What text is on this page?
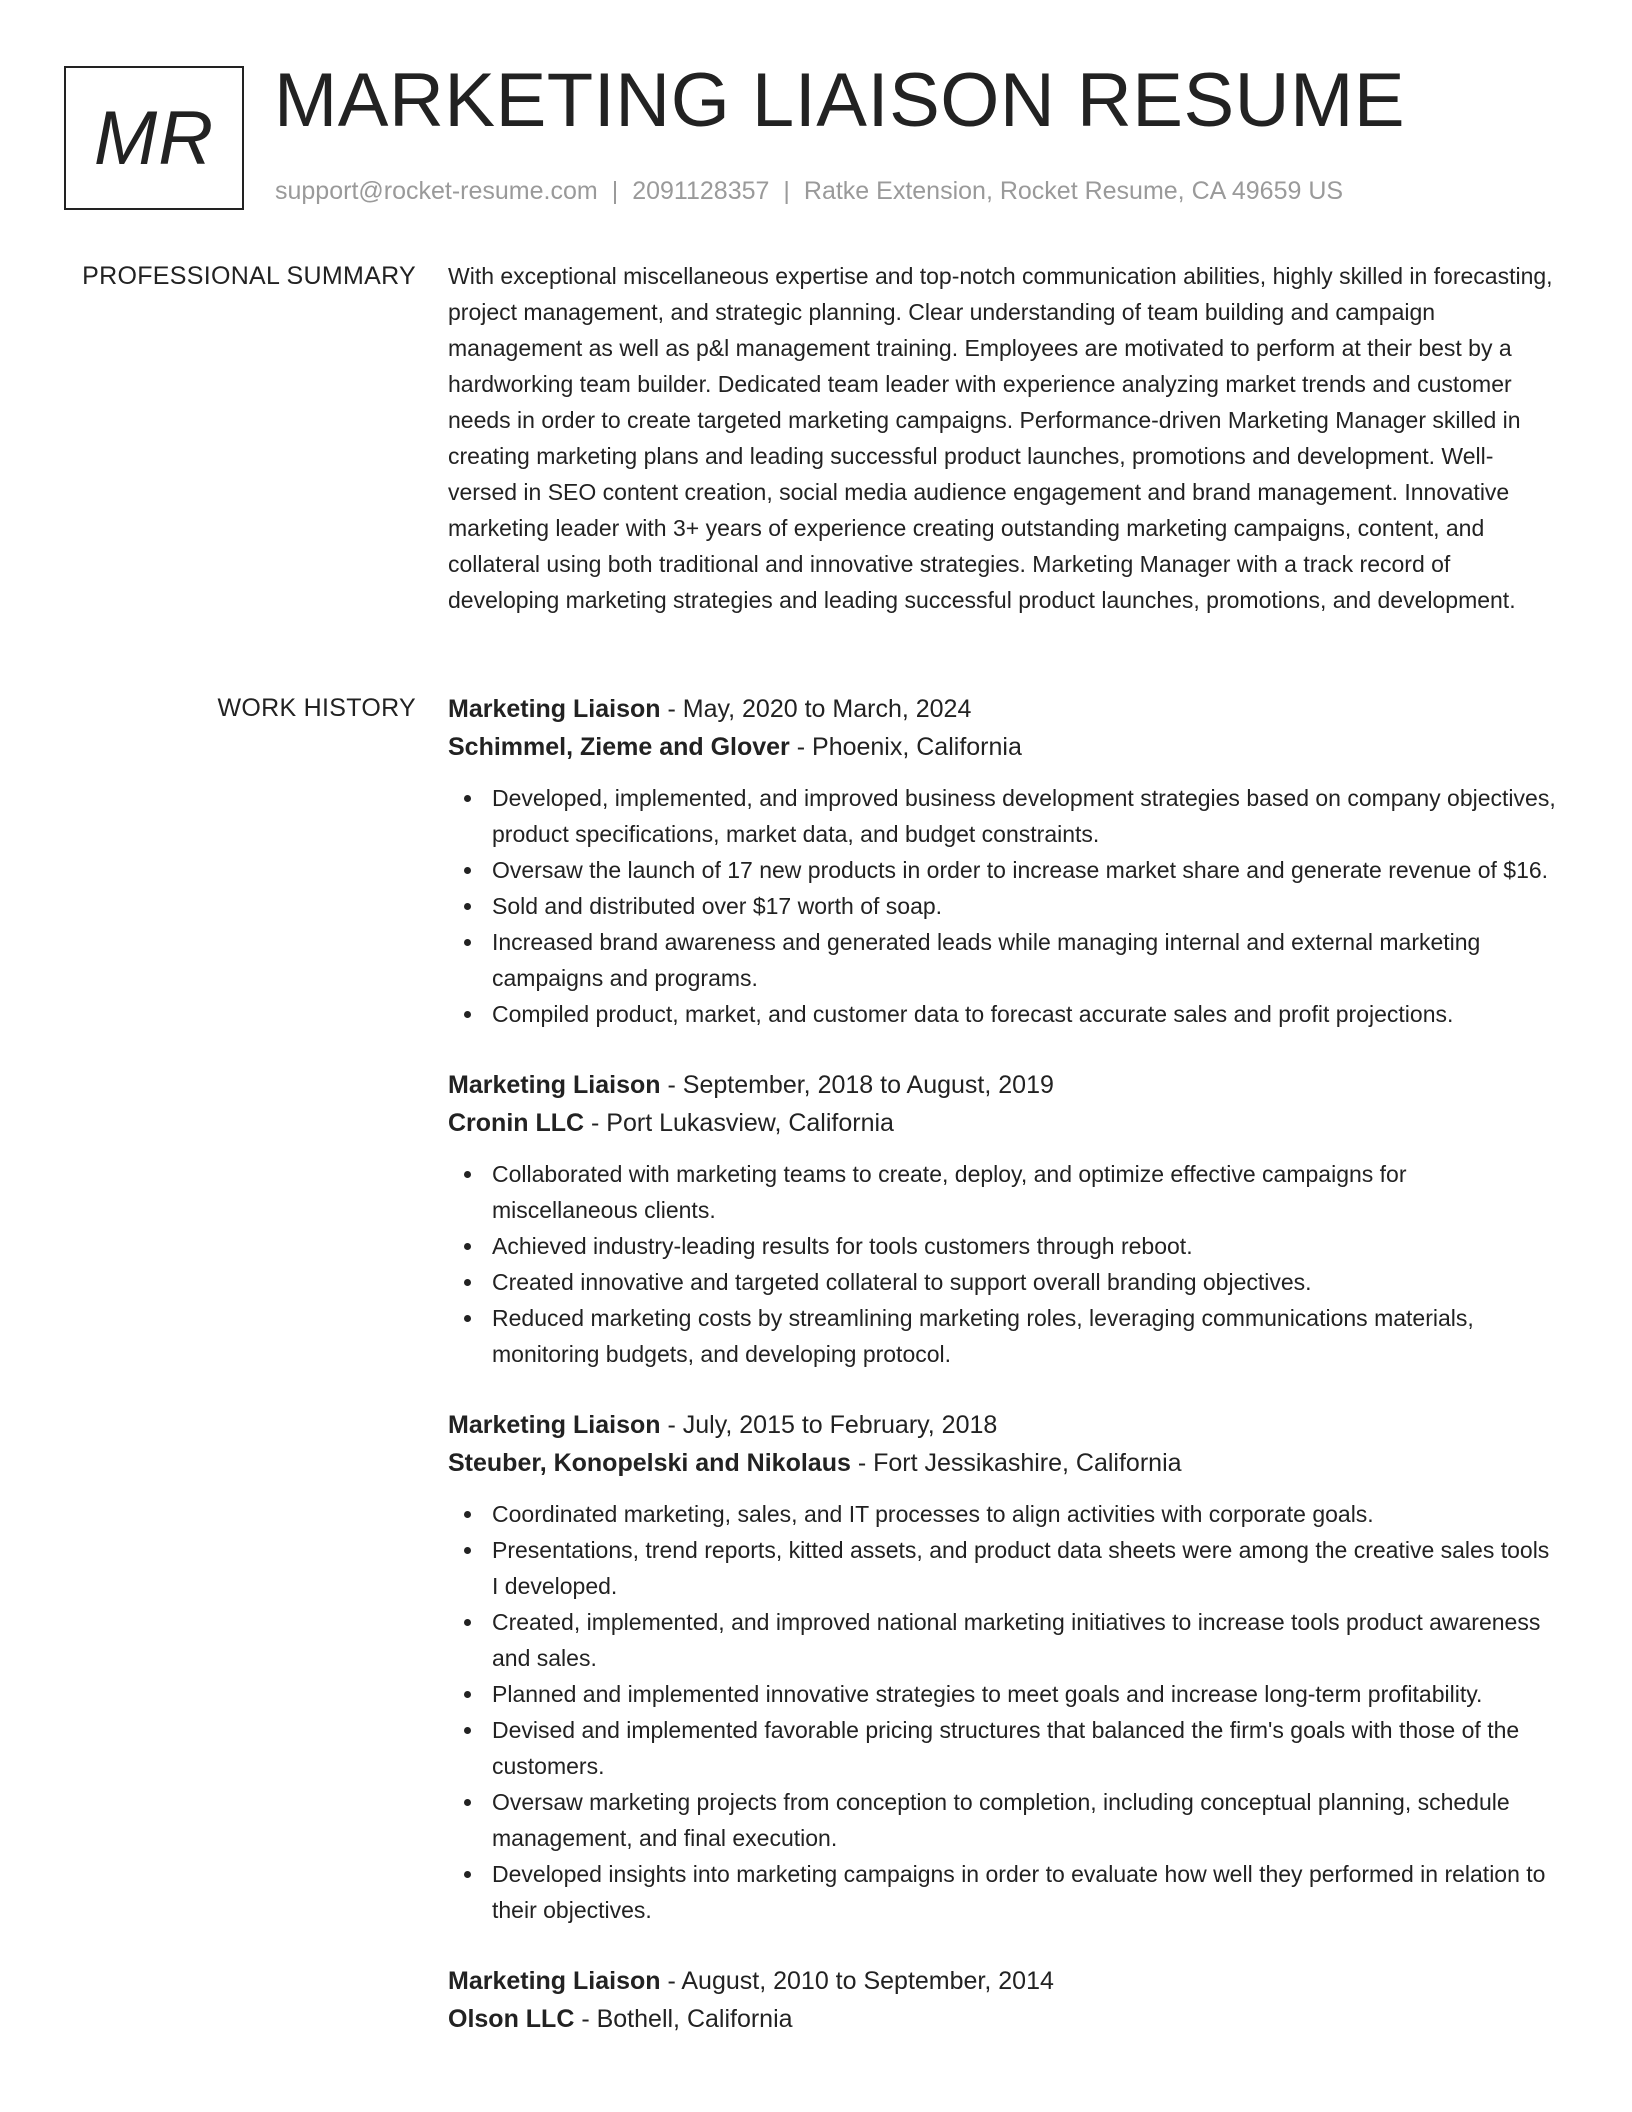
MR MARKETING LIAISON RESUME
support@rocket-resume.com | 2091128357 | Ratke Extension, Rocket Resume, CA 49659 US
PROFESSIONAL SUMMARY With exceptional miscellaneous expertise and top-notch communication abilities, highly skilled in forecasting, project management, and strategic planning. Clear understanding of team building and campaign management as well as p&l management training. Employees are motivated to perform at their best by a hardworking team builder. Dedicated team leader with experience analyzing market trends and customer needs in order to create targeted marketing campaigns. Performance-driven Marketing Manager skilled in creating marketing plans and leading successful product launches, promotions and development. Well-versed in SEO content creation, social media audience engagement and brand management. Innovative marketing leader with 3+ years of experience creating outstanding marketing campaigns, content, and collateral using both traditional and innovative strategies. Marketing Manager with a track record of developing marketing strategies and leading successful product launches, promotions, and development.

WORK HISTORY Marketing Liaison - May, 2020 to March, 2024
Schimmel, Zieme and Glover - Phoenix, California
Developed, implemented, and improved business development strategies based on company objectives, product specifications, market data, and budget constraints.
Oversaw the launch of 17 new products in order to increase market share and generate revenue of $16.
Sold and distributed over $17 worth of soap.
Increased brand awareness and generated leads while managing internal and external marketing campaigns and programs.
Compiled product, market, and customer data to forecast accurate sales and profit projections.
Marketing Liaison - September, 2018 to August, 2019
Cronin LLC - Port Lukasview, California
Collaborated with marketing teams to create, deploy, and optimize effective campaigns for miscellaneous clients.
Achieved industry-leading results for tools customers through reboot.
Created innovative and targeted collateral to support overall branding objectives.
Reduced marketing costs by streamlining marketing roles, leveraging communications materials, monitoring budgets, and developing protocol.
Marketing Liaison - July, 2015 to February, 2018
Steuber, Konopelski and Nikolaus - Fort Jessikashire, California
Coordinated marketing, sales, and IT processes to align activities with corporate goals.
Presentations, trend reports, kitted assets, and product data sheets were among the creative sales tools I developed.
Created, implemented, and improved national marketing initiatives to increase tools product awareness and sales.
Planned and implemented innovative strategies to meet goals and increase long-term profitability.
Devised and implemented favorable pricing structures that balanced the firm's goals with those of the customers.
Oversaw marketing projects from conception to completion, including conceptual planning, schedule management, and final execution.
Developed insights into marketing campaigns in order to evaluate how well they performed in relation to their objectives.
Marketing Liaison - August, 2010 to September, 2014
Olson LLC - Bothell, California
